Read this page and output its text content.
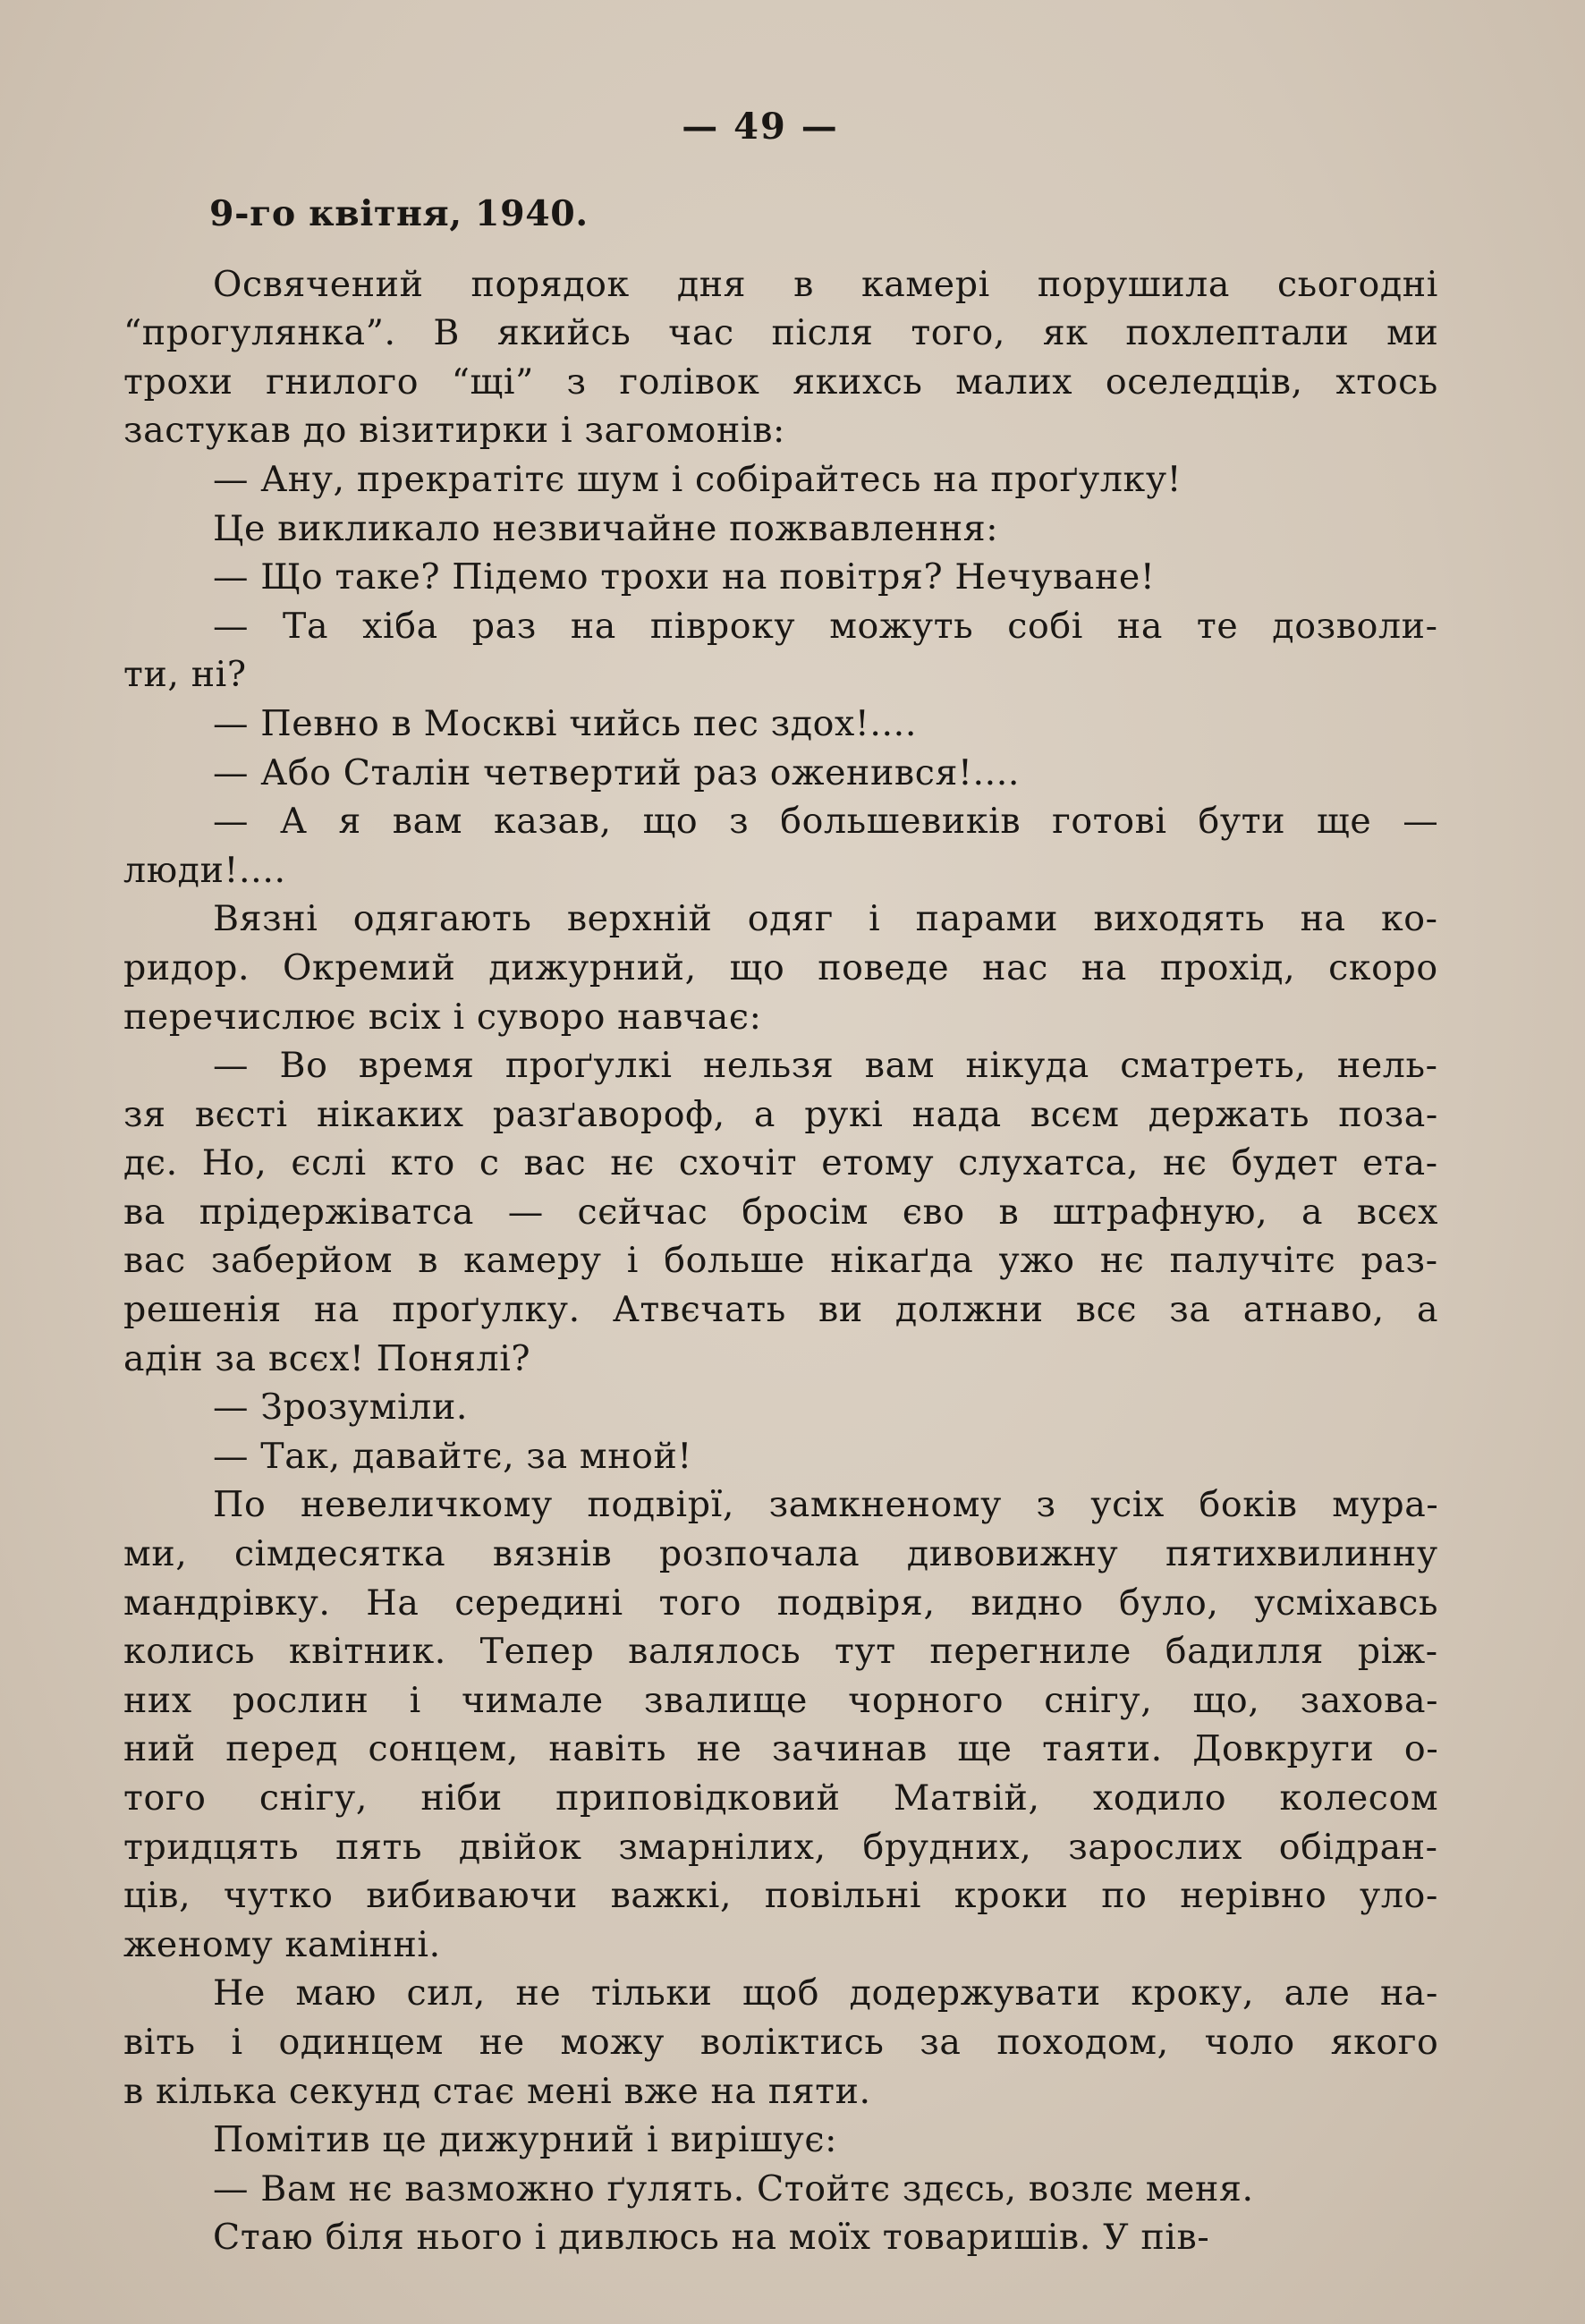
— 49 —
9-го квітня, 1940.
Освячений порядок дня в камері порушила сьогодні
“прогулянка”. В якийсь час після того, як похлептали ми
трохи гнилого “щі” з голівок якихсь малих оселедців, хтось
застукав до візитирки і загомонів:
— Ану, прекратітє шум і собірайтесь на проґулку!
Це викликало незвичайне пожвавлення:
— Що таке? Підемо трохи на повітря? Нечуване!
— Та хіба раз на півроку можуть собі на те дозволи-
ти, ні?
— Певно в Москві чийсь пес здох!....
— Або Сталін четвертий раз оженився!....
— А я вам казав, що з большевиків готові бути ще —
люди!....
Вязні одягають верхній одяг і парами виходять на ко-
ридор. Окремий дижурний, що поведе нас на прохід, скоро
перечислює всіх і суворо навчає:
— Во время проґулкі нельзя вам нікуда сматреть, нель-
зя вєсті нікаких разґавороф, а рукі нада всєм держать поза-
дє. Но, єслі кто с вас нє схочіт етому слухатса, нє будет ета-
ва прідержіватса — сєйчас бросім єво в штрафную, а всєх
вас заберйом в камеру і больше нікаґда ужо нє палучітє раз-
решенія на проґулку. Атвєчать ви должни всє за атнаво, а
адін за всєх! Понялі?
— Зрозуміли.
— Так, давайтє, за мной!
По невеличкому подвірї, замкненому з усіх боків мура-
ми, сімдесятка вязнів розпочала дивовижну пятихвилинну
мандрівку. На середині того подвіря, видно було, усміхавсь
колись квітник. Тепер валялось тут перегниле бадилля ріж-
них рослин і чимале звалище чорного снігу, що, захова-
ний перед сонцем, навіть не зачинав ще таяти. Довкруги о-
того снігу, ніби приповідковий Матвій, ходило колесом
тридцять пять двійок змарнілих, брудних, зарослих обідран-
ців, чутко вибиваючи важкі, повільні кроки по нерівно уло-
женому камінні.
Не маю сил, не тільки щоб додержувати кроку, але на-
віть і одинцем не можу воліктись за походом, чоло якого
в кілька секунд стає мені вже на пяти.
Помітив це дижурний і вирішує:
— Вам нє вазможно ґулять. Стойтє здєсь, возлє меня.
Стаю біля нього і дивлюсь на моїх товаришів. У пів-
